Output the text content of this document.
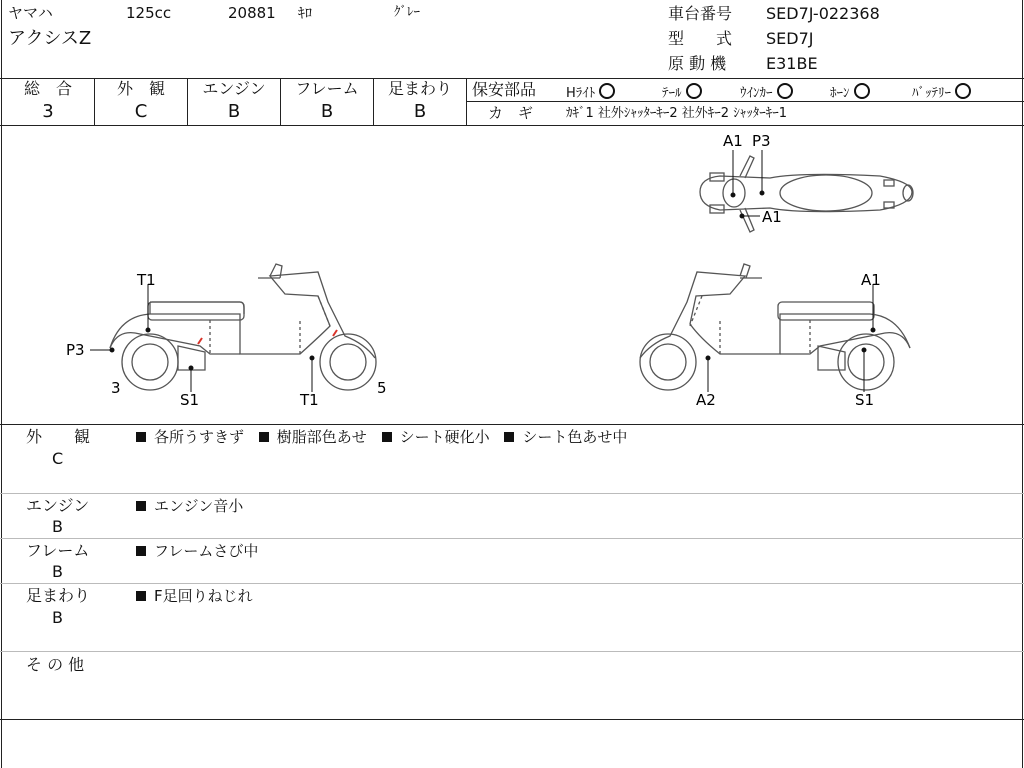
ヤマハ	125cc	20881 ｷﾛ	ｸﾞﾚｰ
アクシスZ
車台番号 SED7J-022368
型　　式 SED7J
原 動 機 E31BE
総　合
3
外　観
C
エンジン
B
フレーム
B
足まわり
B
保安部品 Hﾗｲﾄ	ﾃｰﾙ	ｳｲﾝｶｰ	ﾎｰﾝ	ﾊﾞｯﾃﾘｰ
カ　ギ	ｶｷﾞ1 社外ｼｬｯﾀｰｷｰ2 社外ｷｰ2 ｼｬｯﾀｰｷｰ1
A1 P3
A1
T1
P3
3
S1	T1
5
A1
A2	S1
外　　観
C
各所うすきず 樹脂部色あせ シート硬化小 シート色あせ中
エンジン
B
エンジン音小
フレーム
B
フレームさび中
足まわり
B
F足回りねじれ
そ の 他
